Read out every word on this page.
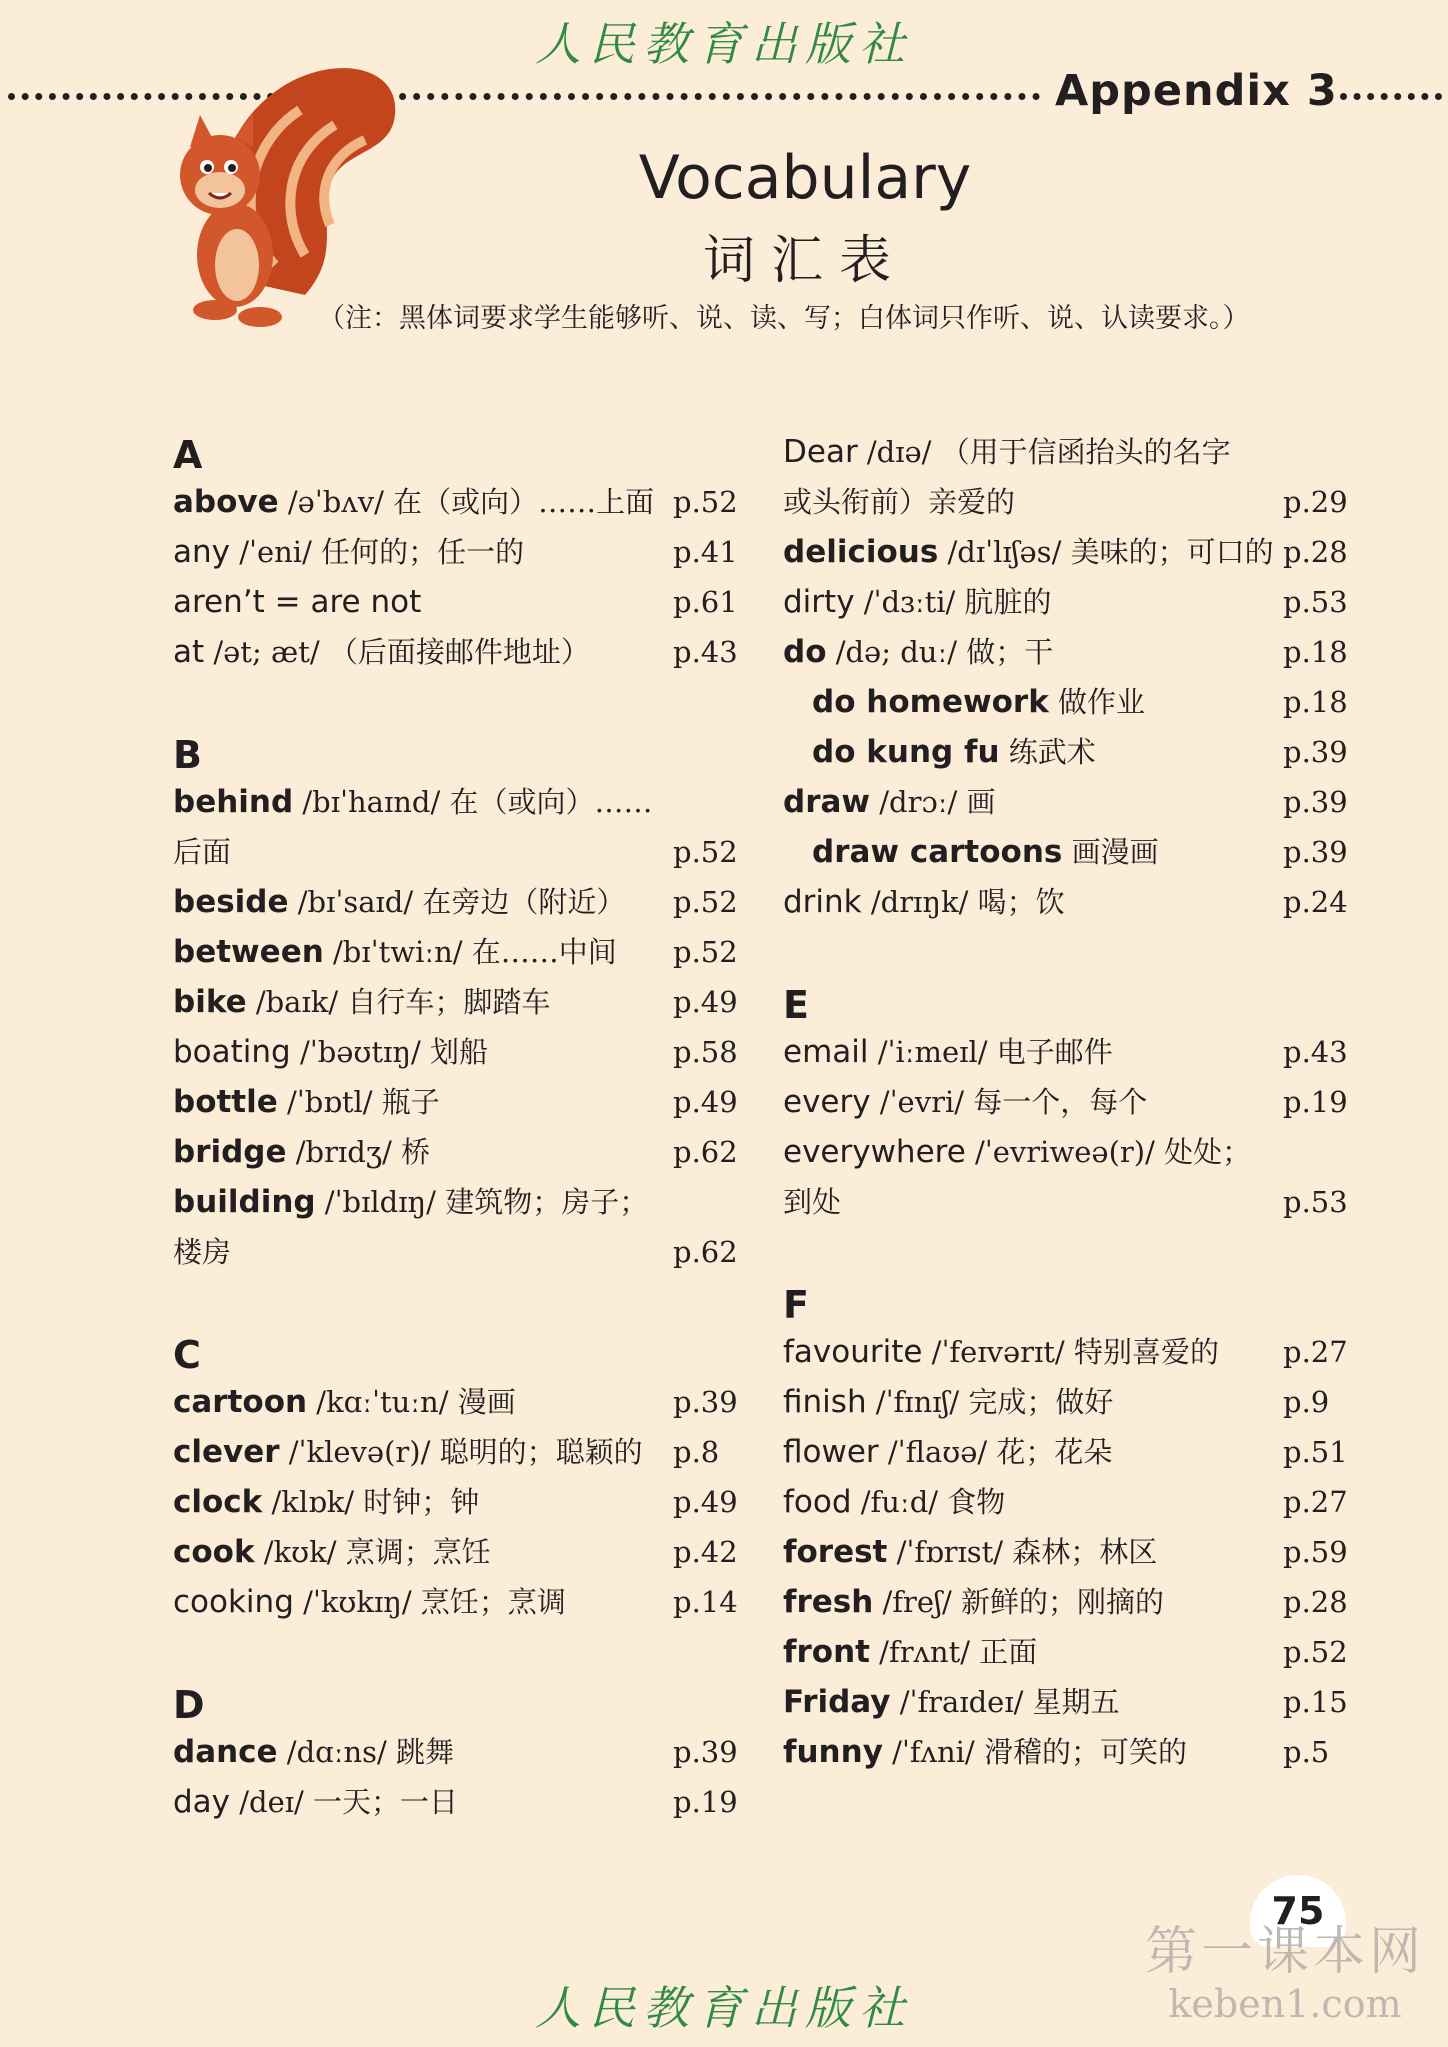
人民教育出版社
Appendix 3
Vocabulary
词汇表
（注：黑体词要求学生能够听、说、读、写；白体词只作听、说、认读要求。）
A
above /əˈbʌv/ 在（或向）……上面 p.52
any /ˈeni/ 任何的；任一的	p.41
aren’t = are not	p.61
at /ət; æt/ （后面接邮件地址）	p.43
B
behind /bɪˈhaɪnd/ 在（或向）……
后面	p.52
beside /bɪˈsaɪd/ 在旁边（附近） p.52
between /bɪˈtwiːn/ 在……中间 p.52
bike /baɪk/ 自行车；脚踏车	p.49
boating /ˈbəʊtɪŋ/ 划船	p.58
bottle /ˈbɒtl/ 瓶子	p.49
bridge /brɪdʒ/ 桥	p.62
building /ˈbɪldɪŋ/ 建筑物；房子；
楼房	p.62
C
cartoon /kɑːˈtuːn/ 漫画	p.39
clever /ˈklevə(r)/ 聪明的；聪颖的 p.8
clock /klɒk/ 时钟；钟	p.49
cook /kʊk/ 烹调；烹饪	p.42
cooking /ˈkʊkɪŋ/ 烹饪；烹调	p.14
D
dance /dɑːns/ 跳舞	p.39
day /deɪ/ 一天；一日	p.19
Dear /dɪə/ （用于信函抬头的名字
或头衔前）亲爱的	p.29
delicious /dɪˈlɪʃəs/ 美味的；可口的 p.28
dirty /ˈdɜːti/ 肮脏的	p.53
do /də; duː/ 做；干	p.18
do homework 做作业	p.18
do kung fu 练武术	p.39
draw /drɔː/ 画	p.39
draw cartoons 画漫画	p.39
drink /drɪŋk/ 喝；饮	p.24
E
email /ˈiːmeɪl/ 电子邮件	p.43
every /ˈevri/ 每一个，每个	p.19
everywhere /ˈevriweə(r)/ 处处；
到处	p.53
F
favourite /ˈfeɪvərɪt/ 特别喜爱的 p.27
finish /ˈfɪnɪʃ/ 完成；做好	p.9
flower /ˈflaʊə/ 花；花朵	p.51
food /fuːd/ 食物	p.27
forest /ˈfɒrɪst/ 森林；林区	p.59
fresh /freʃ/ 新鲜的；刚摘的	p.28
front /frʌnt/ 正面	p.52
Friday /ˈfraɪdeɪ/ 星期五	p.15
funny /ˈfʌni/ 滑稽的；可笑的	p.5
75
第一课本网
keben1.com
人民教育出版社
